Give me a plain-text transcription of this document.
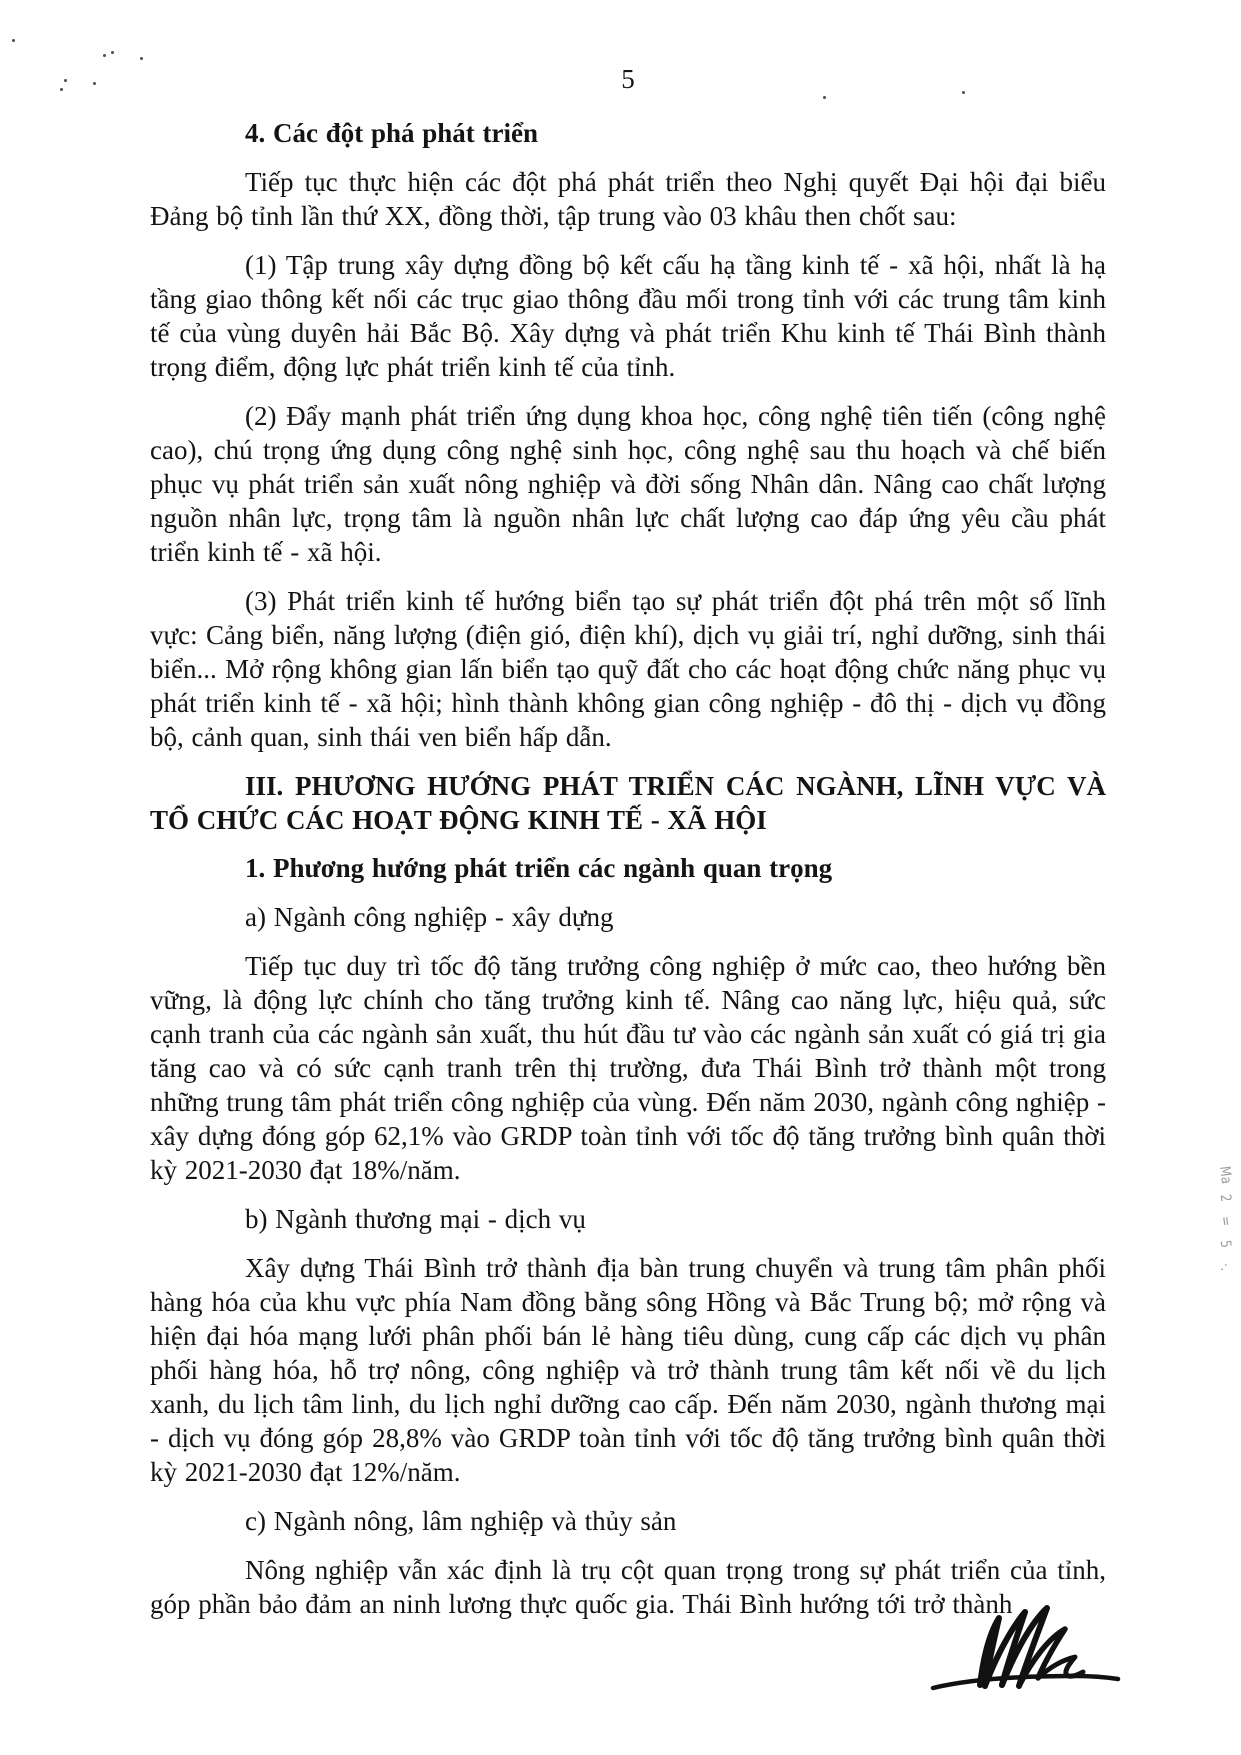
5
4. Các đột phá phát triển
Tiếp tục thực hiện các đột phá phát triển theo Nghị quyết Đại hội đại biểu Đảng bộ tỉnh lần thứ XX, đồng thời, tập trung vào 03 khâu then chốt sau:
(1) Tập trung xây dựng đồng bộ kết cấu hạ tầng kinh tế - xã hội, nhất là hạ tầng giao thông kết nối các trục giao thông đầu mối trong tỉnh với các trung tâm kinh tế của vùng duyên hải Bắc Bộ. Xây dựng và phát triển Khu kinh tế Thái Bình thành trọng điểm, động lực phát triển kinh tế của tỉnh.
(2) Đẩy mạnh phát triển ứng dụng khoa học, công nghệ tiên tiến (công nghệ cao), chú trọng ứng dụng công nghệ sinh học, công nghệ sau thu hoạch và chế biến phục vụ phát triển sản xuất nông nghiệp và đời sống Nhân dân. Nâng cao chất lượng nguồn nhân lực, trọng tâm là nguồn nhân lực chất lượng cao đáp ứng yêu cầu phát triển kinh tế - xã hội.
(3) Phát triển kinh tế hướng biển tạo sự phát triển đột phá trên một số lĩnh vực: Cảng biển, năng lượng (điện gió, điện khí), dịch vụ giải trí, nghỉ dưỡng, sinh thái biển... Mở rộng không gian lấn biển tạo quỹ đất cho các hoạt động chức năng phục vụ phát triển kinh tế - xã hội; hình thành không gian công nghiệp - đô thị - dịch vụ đồng bộ, cảnh quan, sinh thái ven biển hấp dẫn.
III. PHƯƠNG HƯỚNG PHÁT TRIỂN CÁC NGÀNH, LĨNH VỰC VÀ TỔ CHỨC CÁC HOẠT ĐỘNG KINH TẾ - XÃ HỘI
1. Phương hướng phát triển các ngành quan trọng
a) Ngành công nghiệp - xây dựng
Tiếp tục duy trì tốc độ tăng trưởng công nghiệp ở mức cao, theo hướng bền vững, là động lực chính cho tăng trưởng kinh tế. Nâng cao năng lực, hiệu quả, sức cạnh tranh của các ngành sản xuất, thu hút đầu tư vào các ngành sản xuất có giá trị gia tăng cao và có sức cạnh tranh trên thị trường, đưa Thái Bình trở thành một trong những trung tâm phát triển công nghiệp của vùng. Đến năm 2030, ngành công nghiệp - xây dựng đóng góp 62,1% vào GRDP toàn tỉnh với tốc độ tăng trưởng bình quân thời kỳ 2021-2030 đạt 18%/năm.
b) Ngành thương mại - dịch vụ
Xây dựng Thái Bình trở thành địa bàn trung chuyển và trung tâm phân phối hàng hóa của khu vực phía Nam đồng bằng sông Hồng và Bắc Trung bộ; mở rộng và hiện đại hóa mạng lưới phân phối bán lẻ hàng tiêu dùng, cung cấp các dịch vụ phân phối hàng hóa, hỗ trợ nông, công nghiệp và trở thành trung tâm kết nối về du lịch xanh, du lịch tâm linh, du lịch nghỉ dưỡng cao cấp. Đến năm 2030, ngành thương mại - dịch vụ đóng góp 28,8% vào GRDP toàn tỉnh với tốc độ tăng trưởng bình quân thời kỳ 2021-2030 đạt 12%/năm.
c) Ngành nông, lâm nghiệp và thủy sản
Nông nghiệp vẫn xác định là trụ cột quan trọng trong sự phát triển của tỉnh, góp phần bảo đảm an ninh lương thực quốc gia. Thái Bình hướng tới trở thành
Ma
2
=
5
·.
